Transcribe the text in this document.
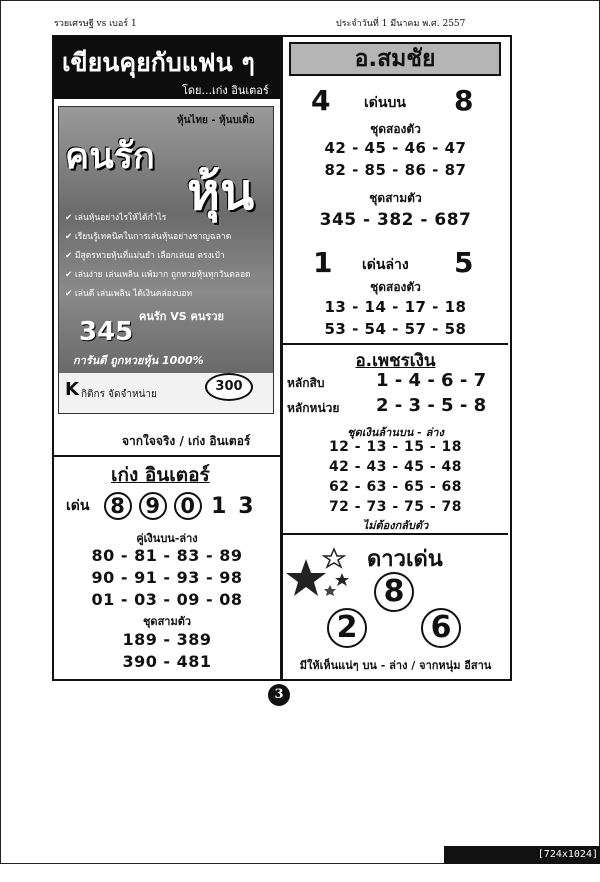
รวยเศรษฐี vs เบอร์ 1	ประจำวันที่ 1 มีนาคม พ.ศ. 2557
เขียนคุยกับแฟน ๆ
โดย...เก่ง อินเตอร์
หุ้นไทย - หุ้นบเดิ่อ
คนรัก
หุ้น
✔ เล่นหุ้นอย่างไรให้ได้กำไร
✔ เรียนรู้เทคนิคในการเล่นหุ้นอย่างชาญฉลาด
✔ มีสูตรหวยหุ้นที่แม่นยำ เลือกเล่นย ตรงเป้า
✔ เล่นง่าย เล่นเพลิน แพ้มาก ถูกหวยหุ้นทุกวันตลอด
✔ เล่นดี เล่นเพลิน ได้เงินคล่องบอท
คนรัก VS คนรวย
345
การันตี ถูกหวยหุ้น 1000%
K กิติกร จัดจำหน่าย
300
จากใจจริง / เก่ง อินเตอร์
เก่ง อินเตอร์
เด่น 8 9 0 1 3
คู่เงินบน-ล่าง
80 - 81 - 83 - 89
90 - 91 - 93 - 98
01 - 03 - 09 - 08
ชุดสามตัว
189 - 389
390 - 481
อ.สมชัย
4 เด่นบน 8
ชุดสองตัว
42 - 45 - 46 - 47
82 - 85 - 86 - 87
ชุดสามตัว
345 - 382 - 687
1 เด่นล่าง 5
ชุดสองตัว
13 - 14 - 17 - 18
53 - 54 - 57 - 58
อ.เพชรเงิน
หลักสิบ	1 - 4 - 6 - 7
หลักหน่วย 2 - 3 - 5 - 8
ชุดเงินล้านบน - ล่าง
12 - 13 - 15 - 18
42 - 43 - 45 - 48
62 - 63 - 65 - 68
72 - 73 - 75 - 78
ไม่ต้องกลับตัว
ดาวเด่น
8
2	6
มีให้เห็นแน่ๆ บน - ล่าง / จากหนุ่ม อีสาน
3
[724x1024] http://upic.me/
